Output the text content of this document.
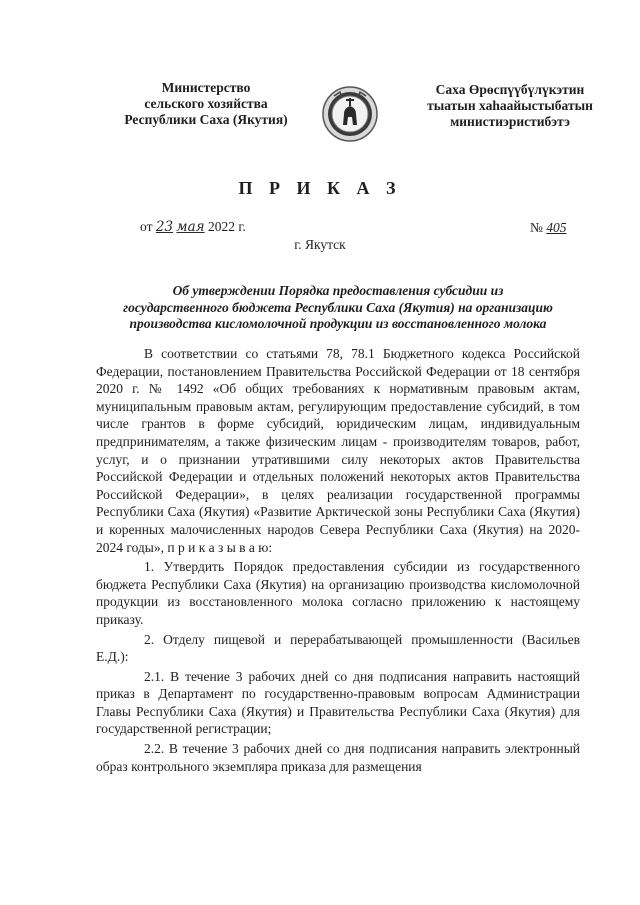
Министерство
сельского хозяйства
Республики Саха (Якутия)
Саха Өрөспүүбүлүкэтин
тыатын хаһаайыстыбатын
министиэристибэтэ
П Р И К А З
от 23 мая 2022 г.	№ 405
г. Якутск
Об утверждении Порядка предоставления субсидии из
государственного бюджета Республики Саха (Якутия) на организацию
производства кисломолочной продукции из восстановленного молока

В соответствии со статьями 78, 78.1 Бюджетного кодекса Российской Федерации, постановлением Правительства Российской Федерации от 18 сентября 2020 г. № 1492 «Об общих требованиях к нормативным правовым актам, муниципальным правовым актам, регулирующим предоставление субсидий, в том числе грантов в форме субсидий, юридическим лицам, индивидуальным предпринимателям, а также физическим лицам - производителям товаров, работ, услуг, и о признании утратившими силу некоторых актов Правительства Российской Федерации и отдельных положений некоторых актов Правительства Российской Федерации», в целях реализации государственной программы Республики Саха (Якутия) «Развитие Арктической зоны Республики Саха (Якутия) и коренных малочисленных народов Севера Республики Саха (Якутия) на 2020-2024 годы», п р и к а з ы в а ю:

1. Утвердить Порядок предоставления субсидии из государственного бюджета Республики Саха (Якутия) на организацию производства кисломолочной продукции из восстановленного молока согласно приложению к настоящему приказу.

2. Отделу пищевой и перерабатывающей промышленности (Васильев Е.Д.):

2.1. В течение 3 рабочих дней со дня подписания направить настоящий приказ в Департамент по государственно-правовым вопросам Администрации Главы Республики Саха (Якутия) и Правительства Республики Саха (Якутия) для государственной регистрации;

2.2. В течение 3 рабочих дней со дня подписания направить электронный образ контрольного экземпляра приказа для размещения
